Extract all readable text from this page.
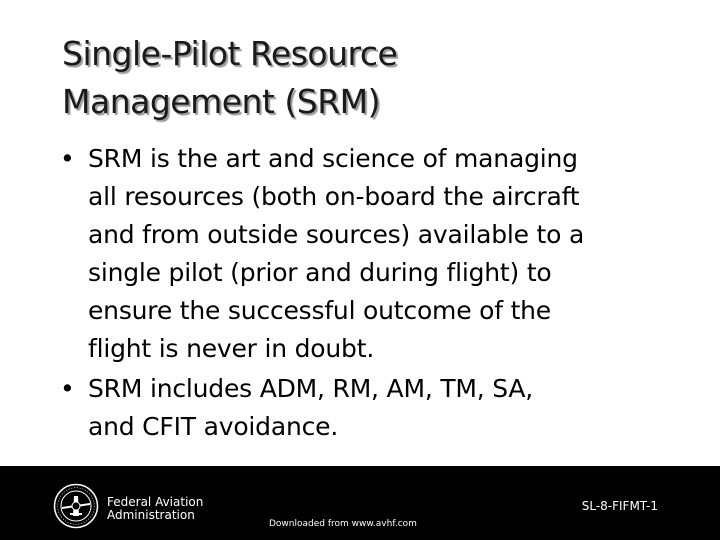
Single-Pilot Resource
Management (SRM)
• SRM is the art and science of managing
all resources (both on-board the aircraft
and from outside sources) available to a
single pilot (prior and during flight) to
ensure the successful outcome of the
flight is never in doubt.
• SRM includes ADM, RM, AM, TM, SA,
and CFIT avoidance.
Federal Aviation
Administration
SL-8-FIFMT-1
Downloaded from www.avhf.com
